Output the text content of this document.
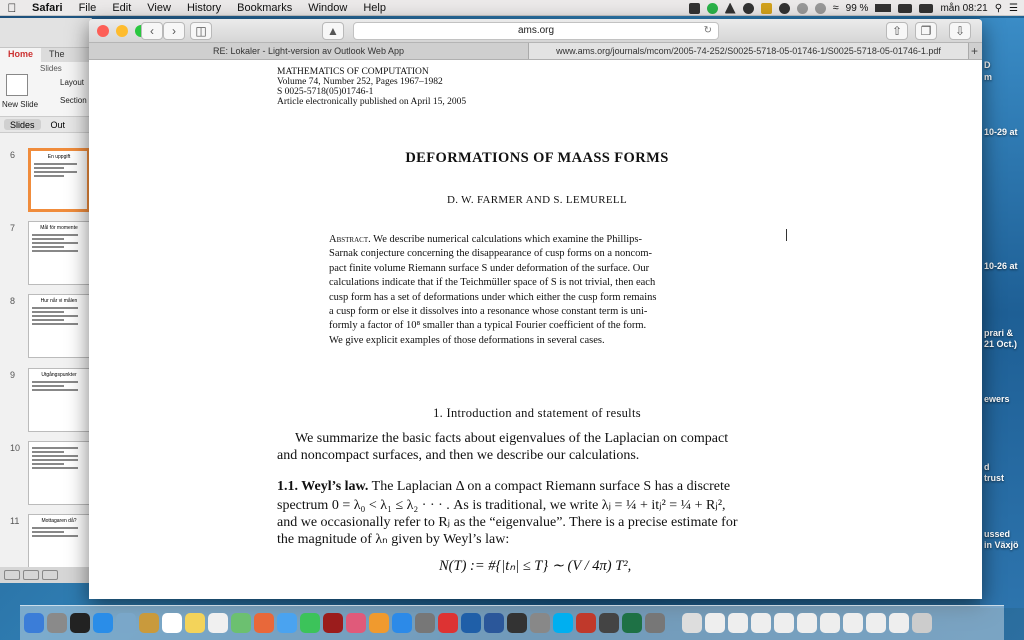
D
m
10-29 at
10-26 at
prari &
21 Oct.)
ewers
d
trust
ussed
in Växjö
Safari	File	Edit	View	History	Bookmarks	Window	Help	≈ 99 %	mån 08:21 ⚲ ☰
Home	The
Slides
New Slide
Layout
Section
Slides	Out
6	En uppgift
7	Mål för momente
8	Hur når vi målen
9	Utgångspunkter
10
11	Mottagaren då?
‹	›	◫	▲	ams.org	↻	⇧	❐	⇩
RE: Lokaler - Light-version av Outlook Web App	www.ams.org/journals/mcom/2005-74-252/S0025-5718-05-01746-1/S0025-5718-05-01746-1.pdf	+
MATHEMATICS OF COMPUTATION
Volume 74, Number 252, Pages 1967–1982
S 0025-5718(05)01746-1
Article electronically published on April 15, 2005
DEFORMATIONS OF MAASS FORMS
D. W. FARMER AND S. LEMURELL
Abstract. We describe numerical calculations which examine the Phillips-
Sarnak conjecture concerning the disappearance of cusp forms on a noncom-
pact finite volume Riemann surface S under deformation of the surface. Our
calculations indicate that if the Teichmüller space of S is not trivial, then each
cusp form has a set of deformations under which either the cusp form remains
a cusp form or else it dissolves into a resonance whose constant term is uni-
formly a factor of 10⁸ smaller than a typical Fourier coefficient of the form.
We give explicit examples of those deformations in several cases.
1. Introduction and statement of results
We summarize the basic facts about eigenvalues of the Laplacian on compact
and noncompact surfaces, and then we describe our calculations.
1.1. Weyl’s law. The Laplacian Δ on a compact Riemann surface S has a discrete
spectrum 0 = λ₀ < λ₁ ≤ λ₂ · · · . As is traditional, we write λⱼ = ¼ + itⱼ² = ¼ + Rⱼ²,
and we occasionally refer to Rⱼ as the “eigenvalue”. There is a precise estimate for
the magnitude of λₙ given by Weyl’s law:
N(T) := #{|tₙ| ≤ T} ∼ (V / 4π) T²,
